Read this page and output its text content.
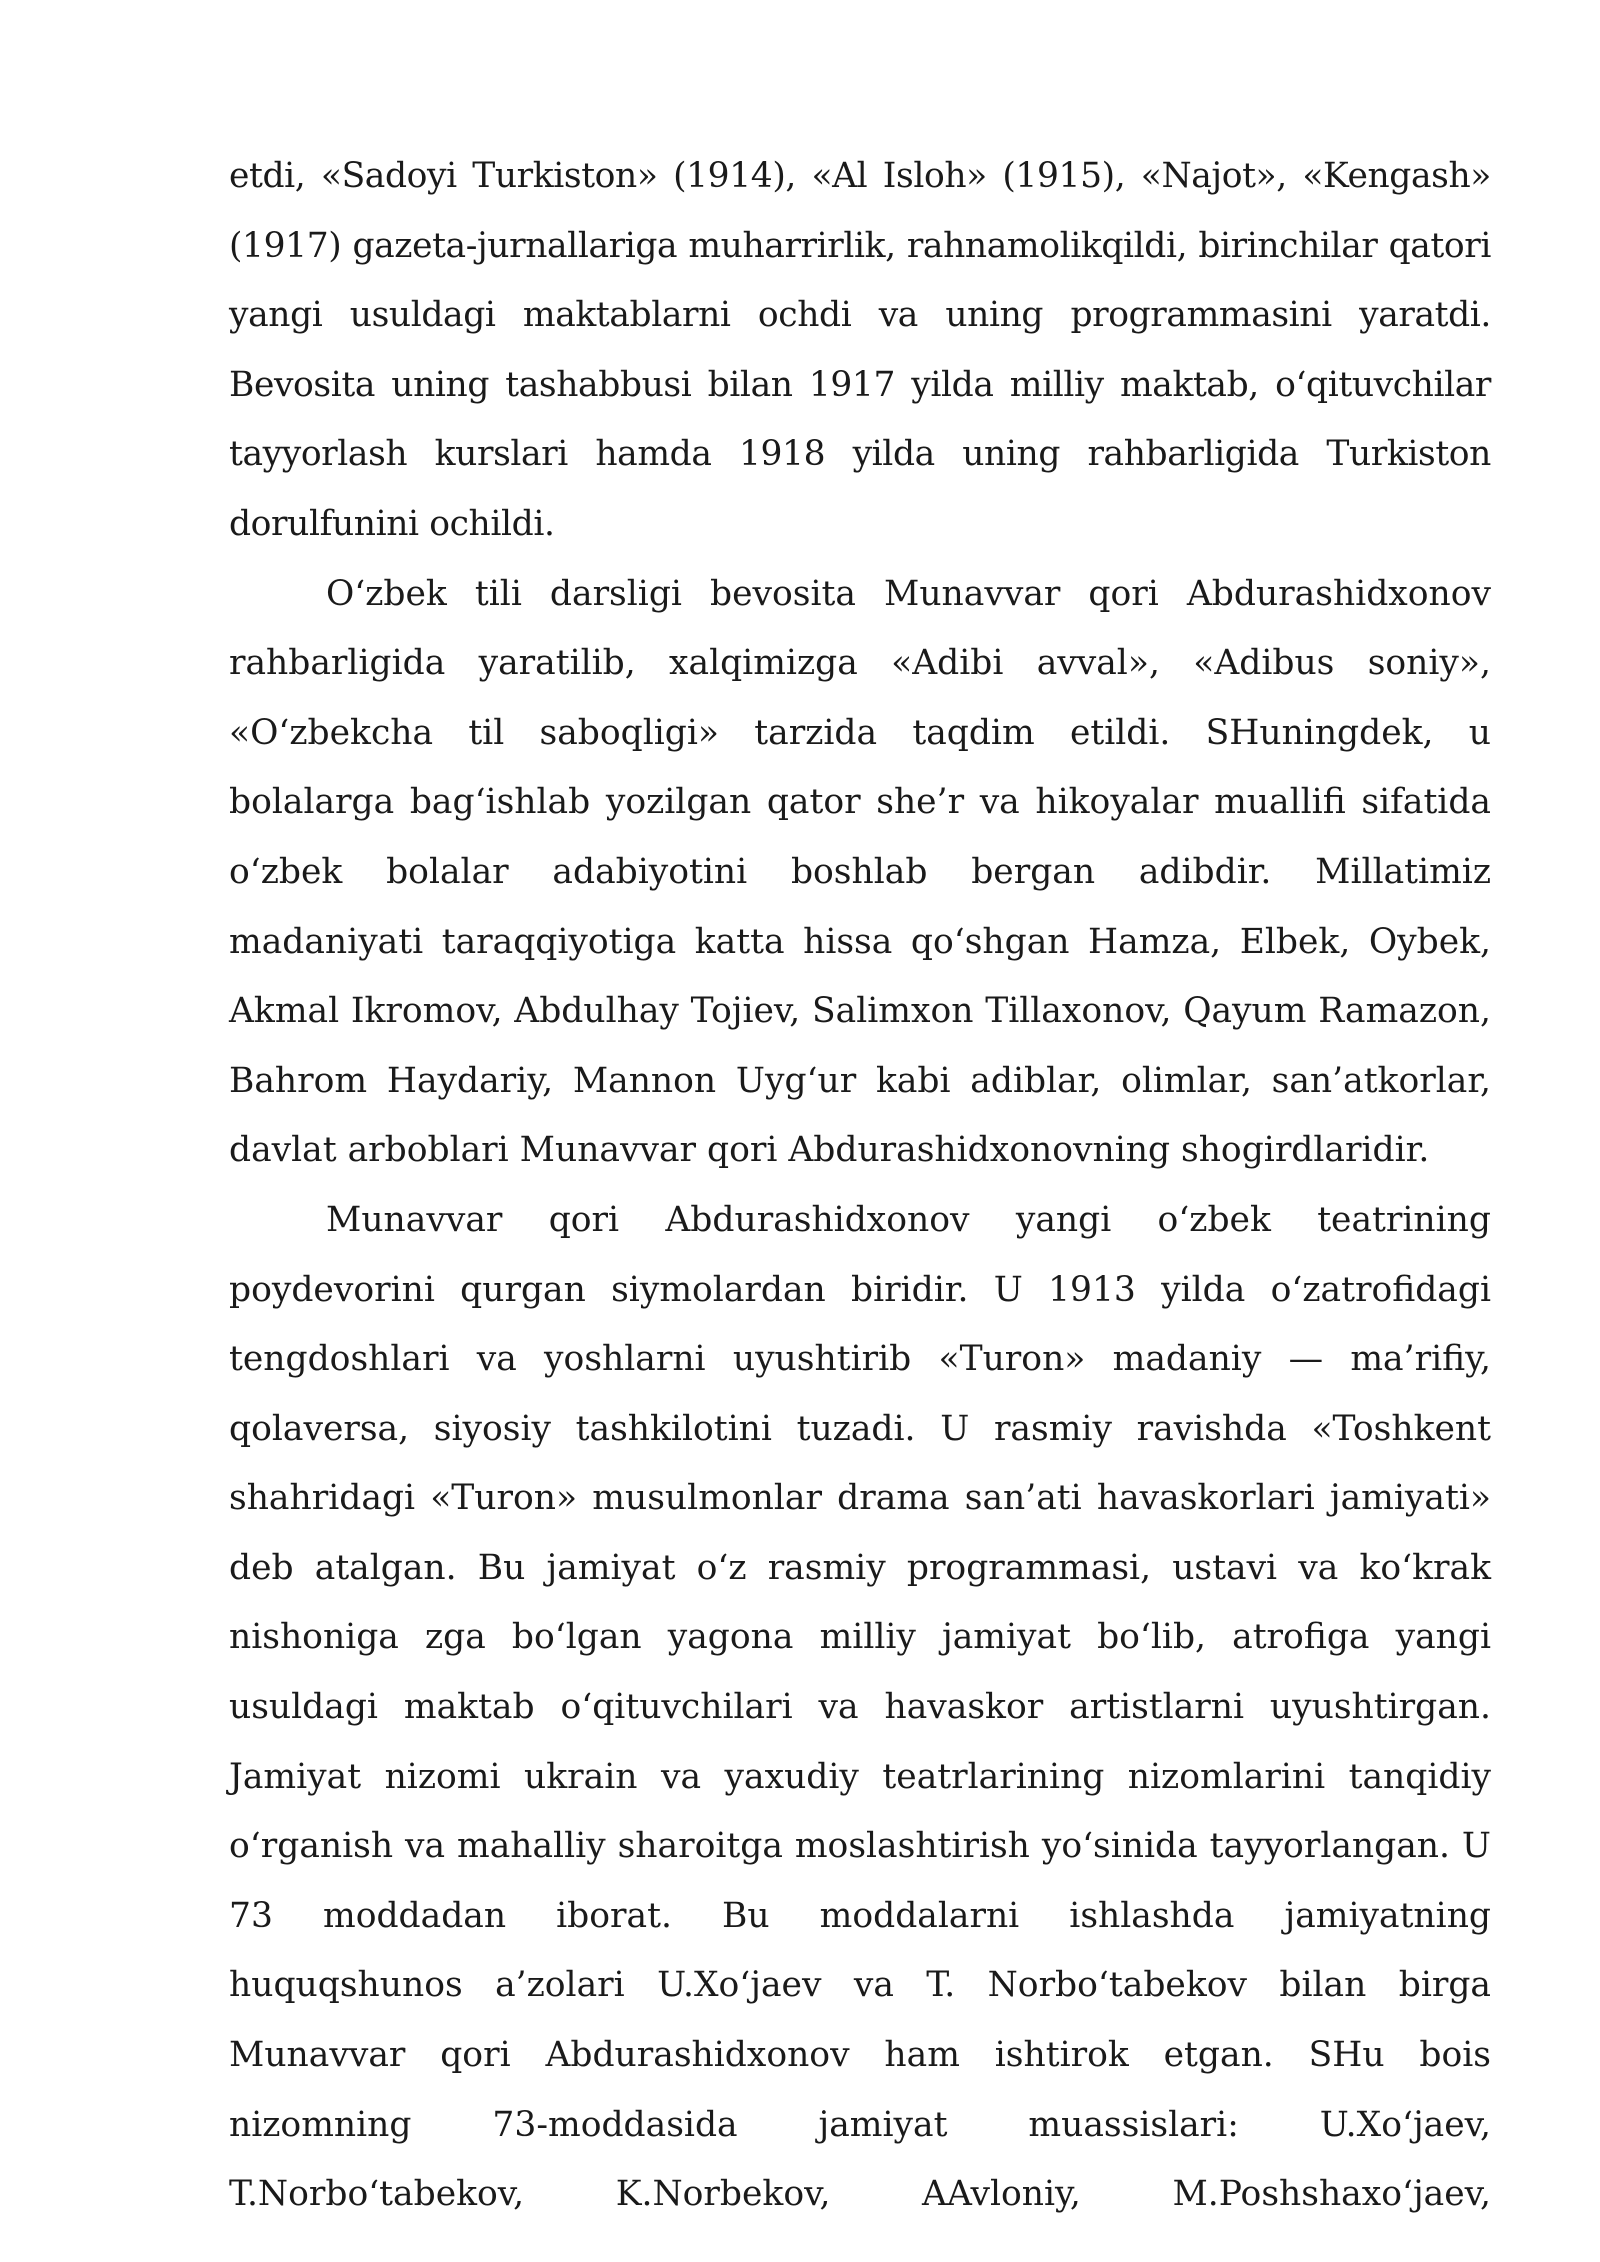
etdi, «Sadoyi Turkiston» (1914), «Al Isloh» (1915), «Najot», «Kengash» (1917) gazeta-jurnallariga muharrirlik, rahnamolikqildi, birinchilar qatori yangi usuldagi maktablarni ochdi va uning programmasini yaratdi. Bevosita uning tashabbusi bilan 1917 yilda milliy maktab, oʻqituvchilar tayyorlash kurslari hamda 1918 yilda uning rahbarligida Turkiston dorulfunini ochildi.

Oʻzbek tili darsligi bevosita Munavvar qori Abdurashidxonov rahbarligida yaratilib, xalqimizga «Adibi avval», «Adibus soniy», «Oʻzbekcha til saboqligi» tarzida taqdim etildi. SHuningdek, u bolalarga bagʻishlab yozilgan qator she’r va hikoyalar muallifi sifatida oʻzbek bolalar adabiyotini boshlab bergan adibdir. Millatimiz madaniyati taraqqiyotiga katta hissa qoʻshgan Hamza, Elbek, Oybek, Akmal Ikromov, Abdulhay Tojiev, Salimxon Tillaxonov, Qayum Ramazon, Bahrom Haydariy, Mannon Uygʻur kabi adiblar, olimlar, san’atkorlar, davlat arboblari Munavvar qori Abdurashidxonovning shogirdlaridir.

Munavvar qori Abdurashidxonov yangi oʻzbek teatrining poydevorini qurgan siymolardan biridir. U 1913 yilda oʻzatrofidagi tengdoshlari va yoshlarni uyushtirib «Turon» madaniy — ma’rifiy, qolaversa, siyosiy tashkilotini tuzadi. U rasmiy ravishda «Toshkent shahridagi «Turon» musulmonlar drama san’ati havaskorlari jamiyati» deb atalgan. Bu jamiyat oʻz rasmiy programmasi, ustavi va koʻkrak nishoniga zga boʻlgan yagona milliy jamiyat boʻlib, atrofiga yangi usuldagi maktab oʻqituvchilari va havaskor artistlarni uyushtirgan. Jamiyat nizomi ukrain va yaxudiy teatrlarining nizomlarini tanqidiy oʻrganish va mahalliy sharoitga moslashtirish yoʻsinida tayyorlangan. U 73 moddadan iborat. Bu moddalarni ishlashda jamiyatning huquqshunos a’zolari U.Xoʻjaev va T. Norboʻtabekov bilan birga Munavvar qori Abdurashidxonov ham ishtirok etgan. SHu bois nizomning 73-moddasida jamiyat muassislari: U.Xoʻjaev, T.Norboʻtabekov, K.Norbekov, AAvloniy, M.Poshshaxoʻjaev,
